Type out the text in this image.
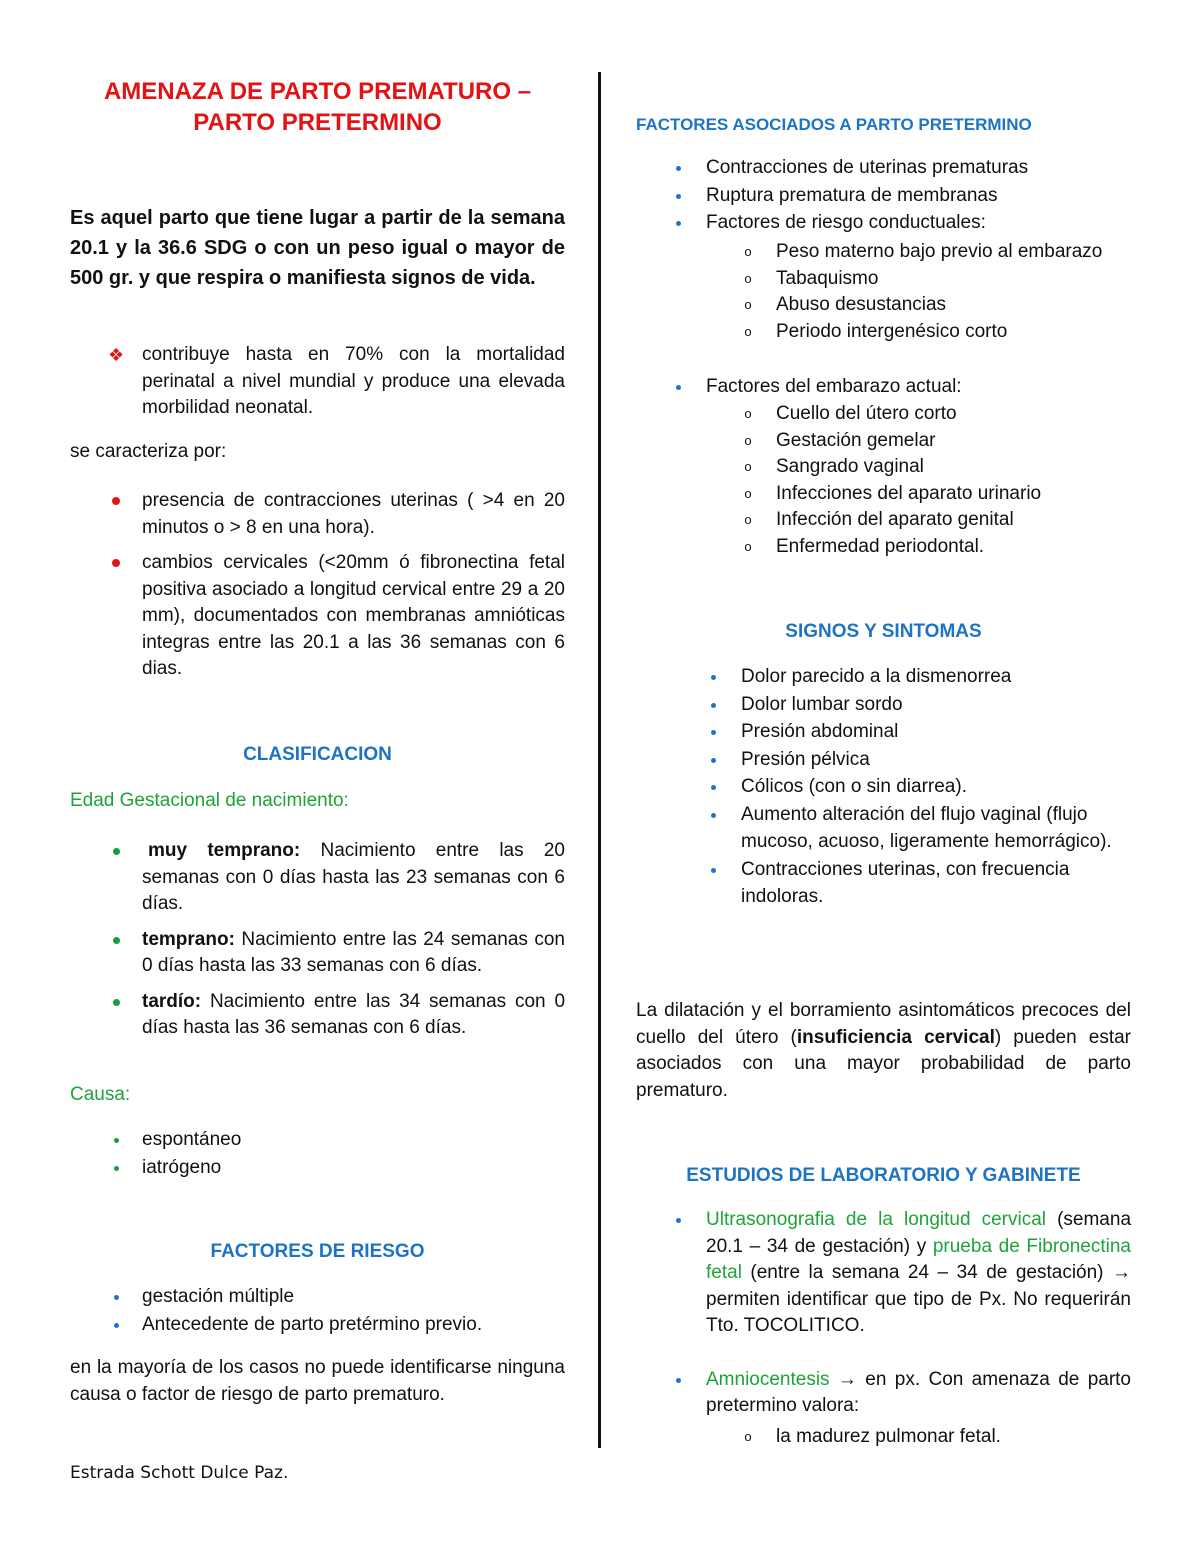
AMENAZA DE PARTO PREMATURO – PARTO PRETERMINO
Es aquel parto que tiene lugar a partir de la semana 20.1 y la 36.6 SDG o con un peso igual o mayor de 500 gr. y que respira o manifiesta signos de vida.
❖ contribuye hasta en 70% con la mortalidad perinatal a nivel mundial y produce una elevada morbilidad neonatal.
se caracteriza por:
presencia de contracciones uterinas ( >4 en 20 minutos o > 8 en una hora).
cambios cervicales (<20mm ó fibronectina fetal positiva asociado a longitud cervical entre 29 a 20 mm), documentados con membranas amnióticas integras entre las 20.1 a las 36 semanas con 6 dias.
CLASIFICACION
Edad Gestacional de nacimiento:
muy temprano: Nacimiento entre las 20 semanas con 0 días hasta las 23 semanas con 6 días.
temprano: Nacimiento entre las 24 semanas con 0 días hasta las 33 semanas con 6 días.
tardío: Nacimiento entre las 34 semanas con 0 días hasta las 36 semanas con 6 días.
Causa:
espontáneo
iatrógeno
FACTORES DE RIESGO
gestación múltiple
Antecedente de parto pretérmino previo.
en la mayoría de los casos no puede identificarse ninguna causa o factor de riesgo de parto prematuro.
Estrada Schott Dulce Paz.
FACTORES ASOCIADOS A PARTO PRETERMINO
Contracciones de uterinas prematuras
Ruptura prematura de membranas
Factores de riesgo conductuales:
o Peso materno bajo previo al embarazo
o Tabaquismo
o Abuso desustancias
o Periodo intergenésico corto
Factores del embarazo actual:
o Cuello del útero corto
o Gestación gemelar
o Sangrado vaginal
o Infecciones del aparato urinario
o Infección del aparato genital
o Enfermedad periodontal.
SIGNOS Y SINTOMAS
Dolor parecido a la dismenorrea
Dolor lumbar sordo
Presión abdominal
Presión pélvica
Cólicos (con o sin diarrea).
Aumento alteración del flujo vaginal (flujo mucoso, acuoso, ligeramente hemorrágico).
Contracciones uterinas, con frecuencia indoloras.
La dilatación y el borramiento asintomáticos precoces del cuello del útero (insuficiencia cervical) pueden estar asociados con una mayor probabilidad de parto prematuro.
ESTUDIOS DE LABORATORIO Y GABINETE
Ultrasonografia de la longitud cervical (semana 20.1 – 34 de gestación) y prueba de Fibronectina fetal (entre la semana 24 – 34 de gestación) → permiten identificar que tipo de Px. No requerirán Tto. TOCOLITICO.
Amniocentesis → en px. Con amenaza de parto pretermino valora:
o la madurez pulmonar fetal.
